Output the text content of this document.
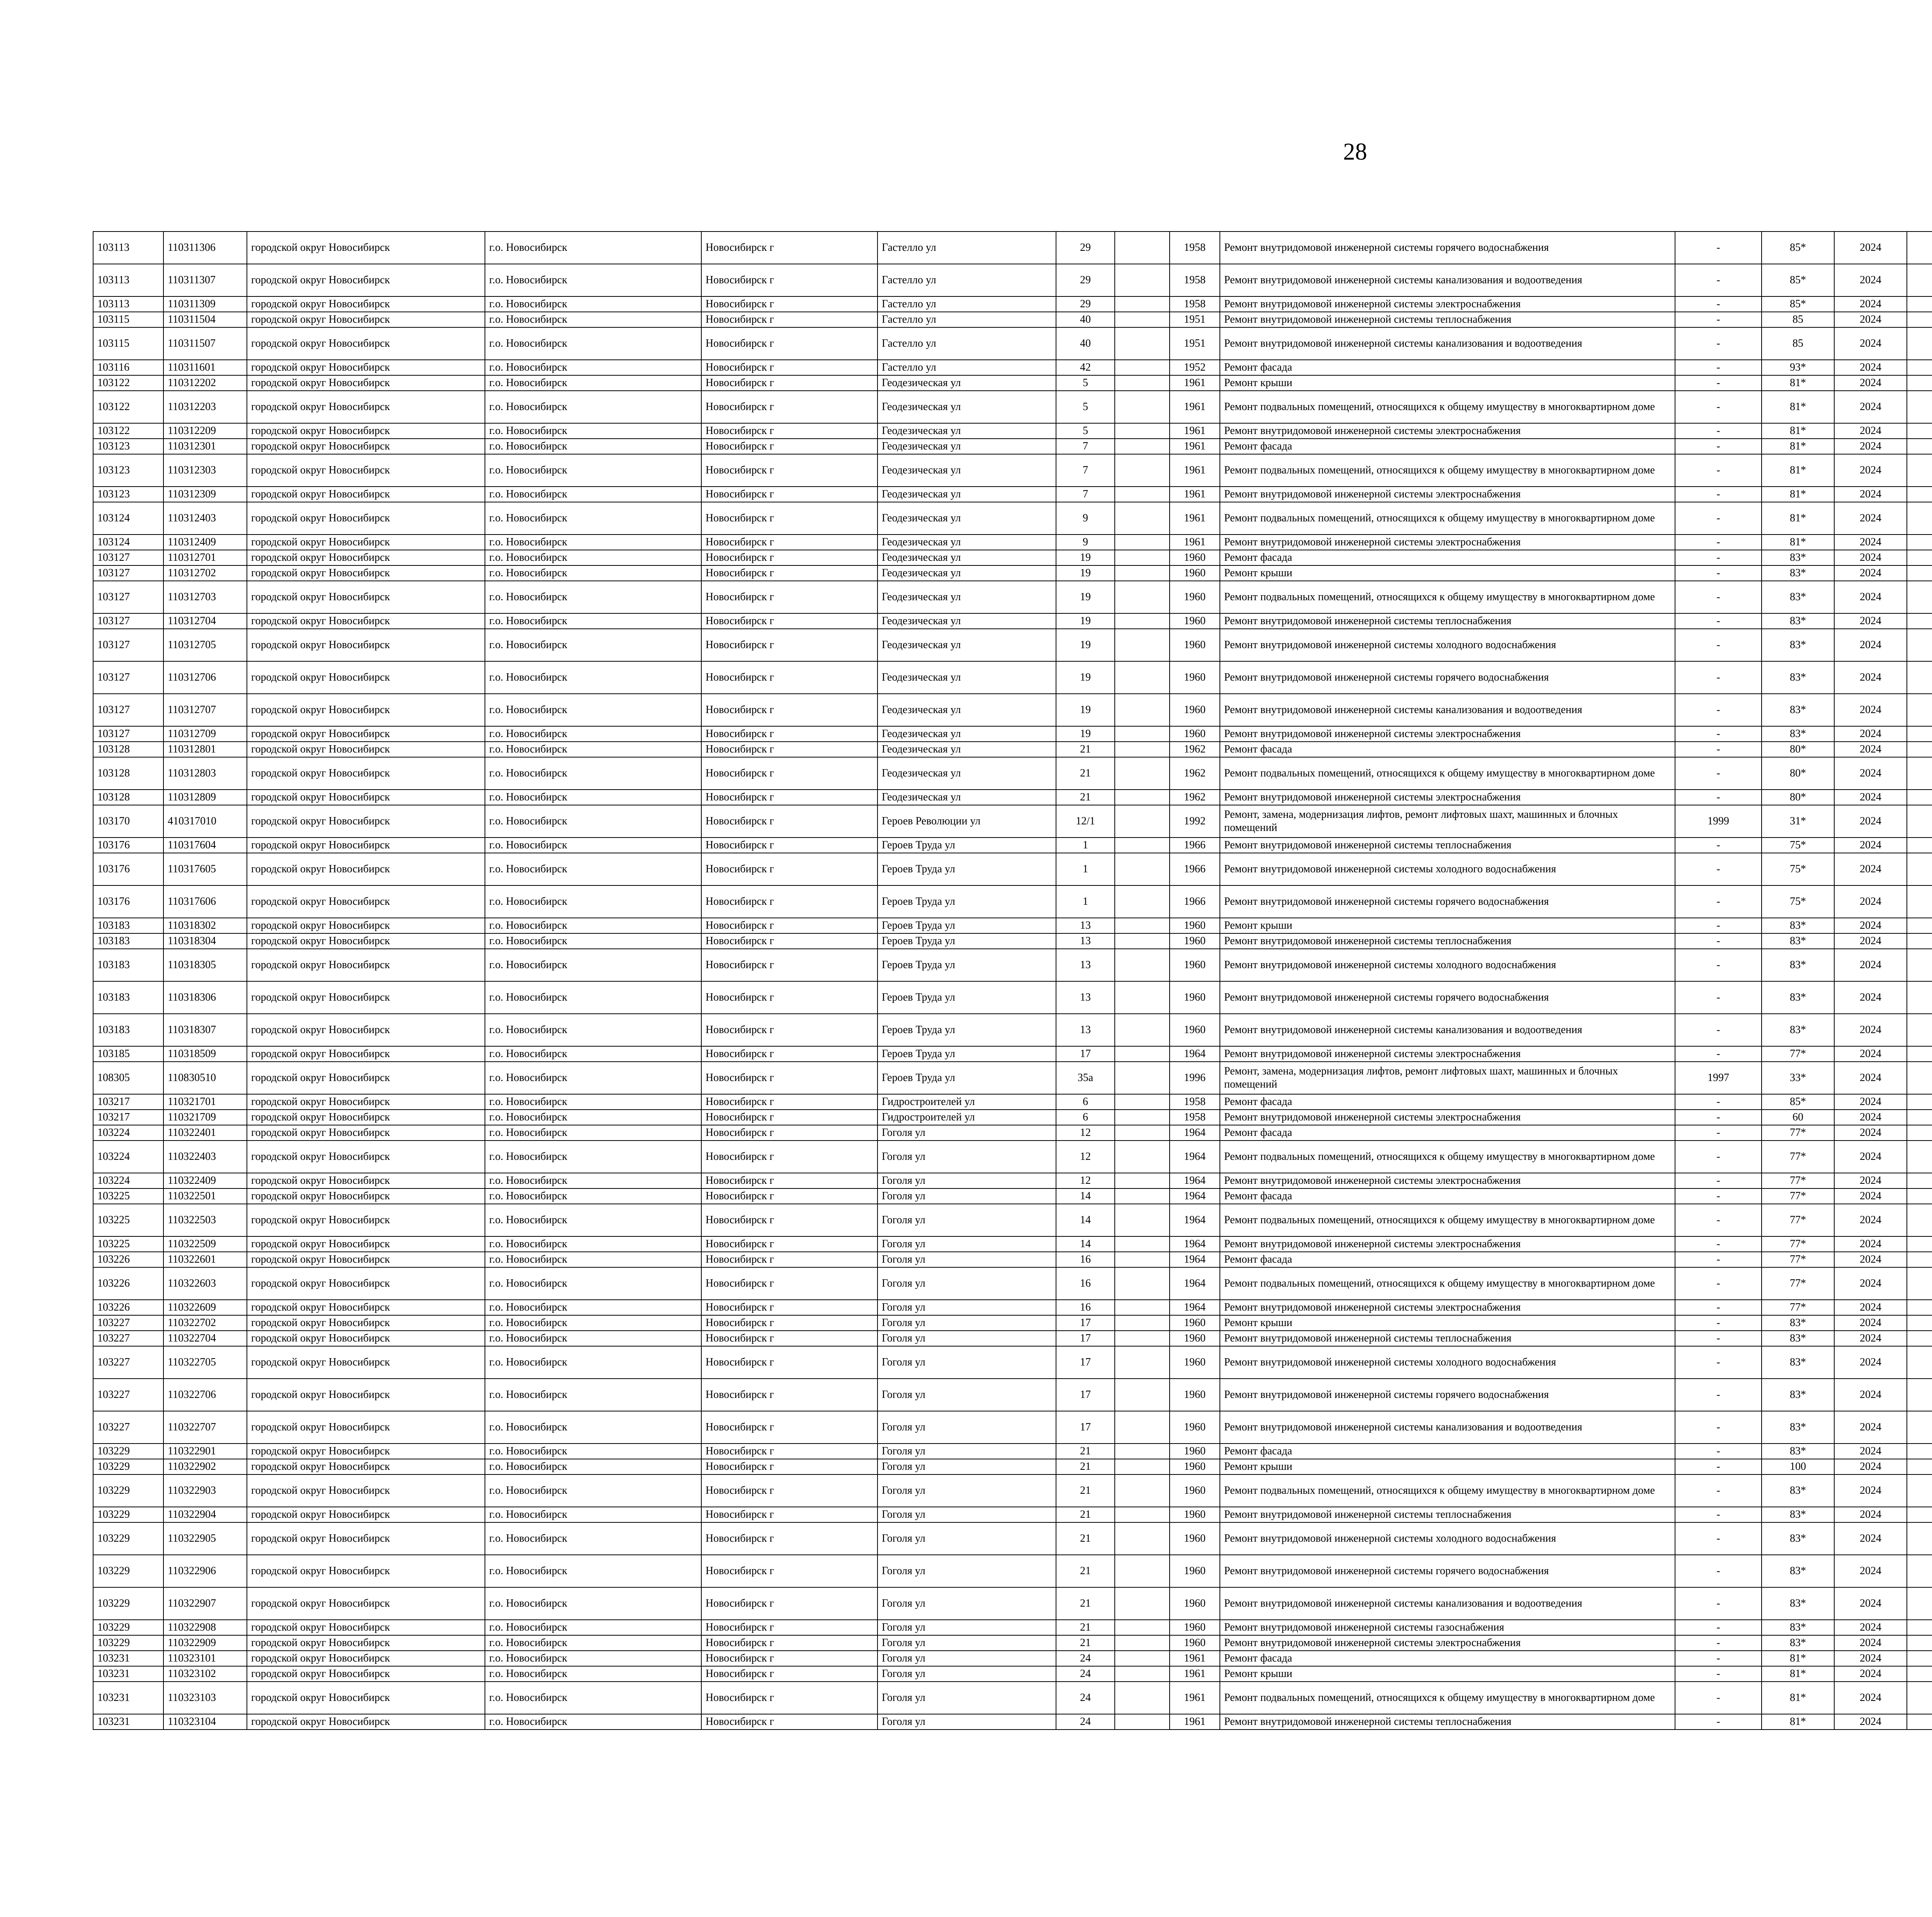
28
103113	110311306	городской округ Новосибирск	г.о. Новосибирск	Новосибирск г	Гастелло ул	29		1958	Ремонт внутридомовой инженерной системы горячего водоснабжения	-	85*	2024						
103113	110311307	городской округ Новосибирск	г.о. Новосибирск	Новосибирск г	Гастелло ул	29		1958	Ремонт внутридомовой инженерной системы канализования и водоотведения	-	85*	2024						
103113	110311309	городской округ Новосибирск	г.о. Новосибирск	Новосибирск г	Гастелло ул	29		1958	Ремонт внутридомовой инженерной системы электроснабжения	-	85*	2024						
103115	110311504	городской округ Новосибирск	г.о. Новосибирск	Новосибирск г	Гастелло ул	40		1951	Ремонт внутридомовой инженерной системы теплоснабжения	-	85	2024						
103115	110311507	городской округ Новосибирск	г.о. Новосибирск	Новосибирск г	Гастелло ул	40		1951	Ремонт внутридомовой инженерной системы канализования и водоотведения	-	85	2024						
103116	110311601	городской округ Новосибирск	г.о. Новосибирск	Новосибирск г	Гастелло ул	42		1952	Ремонт фасада	-	93*	2024						
103122	110312202	городской округ Новосибирск	г.о. Новосибирск	Новосибирск г	Геодезическая ул	5		1961	Ремонт крыши	-	81*	2024						
103122	110312203	городской округ Новосибирск	г.о. Новосибирск	Новосибирск г	Геодезическая ул	5		1961	Ремонт подвальных помещений, относящихся к общему имуществу в многоквартирном доме	-	81*	2024						
103122	110312209	городской округ Новосибирск	г.о. Новосибирск	Новосибирск г	Геодезическая ул	5		1961	Ремонт внутридомовой инженерной системы электроснабжения	-	81*	2024						
103123	110312301	городской округ Новосибирск	г.о. Новосибирск	Новосибирск г	Геодезическая ул	7		1961	Ремонт фасада	-	81*	2024						
103123	110312303	городской округ Новосибирск	г.о. Новосибирск	Новосибирск г	Геодезическая ул	7		1961	Ремонт подвальных помещений, относящихся к общему имуществу в многоквартирном доме	-	81*	2024						
103123	110312309	городской округ Новосибирск	г.о. Новосибирск	Новосибирск г	Геодезическая ул	7		1961	Ремонт внутридомовой инженерной системы электроснабжения	-	81*	2024						
103124	110312403	городской округ Новосибирск	г.о. Новосибирск	Новосибирск г	Геодезическая ул	9		1961	Ремонт подвальных помещений, относящихся к общему имуществу в многоквартирном доме	-	81*	2024						
103124	110312409	городской округ Новосибирск	г.о. Новосибирск	Новосибирск г	Геодезическая ул	9		1961	Ремонт внутридомовой инженерной системы электроснабжения	-	81*	2024						
103127	110312701	городской округ Новосибирск	г.о. Новосибирск	Новосибирск г	Геодезическая ул	19		1960	Ремонт фасада	-	83*	2024						
103127	110312702	городской округ Новосибирск	г.о. Новосибирск	Новосибирск г	Геодезическая ул	19		1960	Ремонт крыши	-	83*	2024						
103127	110312703	городской округ Новосибирск	г.о. Новосибирск	Новосибирск г	Геодезическая ул	19		1960	Ремонт подвальных помещений, относящихся к общему имуществу в многоквартирном доме	-	83*	2024						
103127	110312704	городской округ Новосибирск	г.о. Новосибирск	Новосибирск г	Геодезическая ул	19		1960	Ремонт внутридомовой инженерной системы теплоснабжения	-	83*	2024						
103127	110312705	городской округ Новосибирск	г.о. Новосибирск	Новосибирск г	Геодезическая ул	19		1960	Ремонт внутридомовой инженерной системы холодного водоснабжения	-	83*	2024						
103127	110312706	городской округ Новосибирск	г.о. Новосибирск	Новосибирск г	Геодезическая ул	19		1960	Ремонт внутридомовой инженерной системы горячего водоснабжения	-	83*	2024						
103127	110312707	городской округ Новосибирск	г.о. Новосибирск	Новосибирск г	Геодезическая ул	19		1960	Ремонт внутридомовой инженерной системы канализования и водоотведения	-	83*	2024						
103127	110312709	городской округ Новосибирск	г.о. Новосибирск	Новосибирск г	Геодезическая ул	19		1960	Ремонт внутридомовой инженерной системы электроснабжения	-	83*	2024						
103128	110312801	городской округ Новосибирск	г.о. Новосибирск	Новосибирск г	Геодезическая ул	21		1962	Ремонт фасада	-	80*	2024						
103128	110312803	городской округ Новосибирск	г.о. Новосибирск	Новосибирск г	Геодезическая ул	21		1962	Ремонт подвальных помещений, относящихся к общему имуществу в многоквартирном доме	-	80*	2024						
103128	110312809	городской округ Новосибирск	г.о. Новосибирск	Новосибирск г	Геодезическая ул	21		1962	Ремонт внутридомовой инженерной системы электроснабжения	-	80*	2024						
103170	410317010	городской округ Новосибирск	г.о. Новосибирск	Новосибирск г	Героев Революции ул	12/1		1992	Ремонт, замена, модернизация лифтов, ремонт лифтовых шахт, машинных и блочных помещений	1999	31*	2024						
103176	110317604	городской округ Новосибирск	г.о. Новосибирск	Новосибирск г	Героев Труда ул	1		1966	Ремонт внутридомовой инженерной системы теплоснабжения	-	75*	2024						
103176	110317605	городской округ Новосибирск	г.о. Новосибирск	Новосибирск г	Героев Труда ул	1		1966	Ремонт внутридомовой инженерной системы холодного водоснабжения	-	75*	2024						
103176	110317606	городской округ Новосибирск	г.о. Новосибирск	Новосибирск г	Героев Труда ул	1		1966	Ремонт внутридомовой инженерной системы горячего водоснабжения	-	75*	2024						
103183	110318302	городской округ Новосибирск	г.о. Новосибирск	Новосибирск г	Героев Труда ул	13		1960	Ремонт крыши	-	83*	2024						
103183	110318304	городской округ Новосибирск	г.о. Новосибирск	Новосибирск г	Героев Труда ул	13		1960	Ремонт внутридомовой инженерной системы теплоснабжения	-	83*	2024						
103183	110318305	городской округ Новосибирск	г.о. Новосибирск	Новосибирск г	Героев Труда ул	13		1960	Ремонт внутридомовой инженерной системы холодного водоснабжения	-	83*	2024						
103183	110318306	городской округ Новосибирск	г.о. Новосибирск	Новосибирск г	Героев Труда ул	13		1960	Ремонт внутридомовой инженерной системы горячего водоснабжения	-	83*	2024						
103183	110318307	городской округ Новосибирск	г.о. Новосибирск	Новосибирск г	Героев Труда ул	13		1960	Ремонт внутридомовой инженерной системы канализования и водоотведения	-	83*	2024						
103185	110318509	городской округ Новосибирск	г.о. Новосибирск	Новосибирск г	Героев Труда ул	17		1964	Ремонт внутридомовой инженерной системы электроснабжения	-	77*	2024						
108305	110830510	городской округ Новосибирск	г.о. Новосибирск	Новосибирск г	Героев Труда ул	35а		1996	Ремонт, замена, модернизация лифтов, ремонт лифтовых шахт, машинных и блочных помещений	1997	33*	2024						
103217	110321701	городской округ Новосибирск	г.о. Новосибирск	Новосибирск г	Гидростроителей ул	6		1958	Ремонт фасада	-	85*	2024						
103217	110321709	городской округ Новосибирск	г.о. Новосибирск	Новосибирск г	Гидростроителей ул	6		1958	Ремонт внутридомовой инженерной системы электроснабжения	-	60	2024						
103224	110322401	городской округ Новосибирск	г.о. Новосибирск	Новосибирск г	Гоголя ул	12		1964	Ремонт фасада	-	77*	2024						
103224	110322403	городской округ Новосибирск	г.о. Новосибирск	Новосибирск г	Гоголя ул	12		1964	Ремонт подвальных помещений, относящихся к общему имуществу в многоквартирном доме	-	77*	2024						
103224	110322409	городской округ Новосибирск	г.о. Новосибирск	Новосибирск г	Гоголя ул	12		1964	Ремонт внутридомовой инженерной системы электроснабжения	-	77*	2024						
103225	110322501	городской округ Новосибирск	г.о. Новосибирск	Новосибирск г	Гоголя ул	14		1964	Ремонт фасада	-	77*	2024						
103225	110322503	городской округ Новосибирск	г.о. Новосибирск	Новосибирск г	Гоголя ул	14		1964	Ремонт подвальных помещений, относящихся к общему имуществу в многоквартирном доме	-	77*	2024						
103225	110322509	городской округ Новосибирск	г.о. Новосибирск	Новосибирск г	Гоголя ул	14		1964	Ремонт внутридомовой инженерной системы электроснабжения	-	77*	2024						
103226	110322601	городской округ Новосибирск	г.о. Новосибирск	Новосибирск г	Гоголя ул	16		1964	Ремонт фасада	-	77*	2024						
103226	110322603	городской округ Новосибирск	г.о. Новосибирск	Новосибирск г	Гоголя ул	16		1964	Ремонт подвальных помещений, относящихся к общему имуществу в многоквартирном доме	-	77*	2024						
103226	110322609	городской округ Новосибирск	г.о. Новосибирск	Новосибирск г	Гоголя ул	16		1964	Ремонт внутридомовой инженерной системы электроснабжения	-	77*	2024						
103227	110322702	городской округ Новосибирск	г.о. Новосибирск	Новосибирск г	Гоголя ул	17		1960	Ремонт крыши	-	83*	2024						
103227	110322704	городской округ Новосибирск	г.о. Новосибирск	Новосибирск г	Гоголя ул	17		1960	Ремонт внутридомовой инженерной системы теплоснабжения	-	83*	2024						
103227	110322705	городской округ Новосибирск	г.о. Новосибирск	Новосибирск г	Гоголя ул	17		1960	Ремонт внутридомовой инженерной системы холодного водоснабжения	-	83*	2024						
103227	110322706	городской округ Новосибирск	г.о. Новосибирск	Новосибирск г	Гоголя ул	17		1960	Ремонт внутридомовой инженерной системы горячего водоснабжения	-	83*	2024						
103227	110322707	городской округ Новосибирск	г.о. Новосибирск	Новосибирск г	Гоголя ул	17		1960	Ремонт внутридомовой инженерной системы канализования и водоотведения	-	83*	2024						
103229	110322901	городской округ Новосибирск	г.о. Новосибирск	Новосибирск г	Гоголя ул	21		1960	Ремонт фасада	-	83*	2024						
103229	110322902	городской округ Новосибирск	г.о. Новосибирск	Новосибирск г	Гоголя ул	21		1960	Ремонт крыши	-	100	2024						
103229	110322903	городской округ Новосибирск	г.о. Новосибирск	Новосибирск г	Гоголя ул	21		1960	Ремонт подвальных помещений, относящихся к общему имуществу в многоквартирном доме	-	83*	2024						
103229	110322904	городской округ Новосибирск	г.о. Новосибирск	Новосибирск г	Гоголя ул	21		1960	Ремонт внутридомовой инженерной системы теплоснабжения	-	83*	2024						
103229	110322905	городской округ Новосибирск	г.о. Новосибирск	Новосибирск г	Гоголя ул	21		1960	Ремонт внутридомовой инженерной системы холодного водоснабжения	-	83*	2024						
103229	110322906	городской округ Новосибирск	г.о. Новосибирск	Новосибирск г	Гоголя ул	21		1960	Ремонт внутридомовой инженерной системы горячего водоснабжения	-	83*	2024						
103229	110322907	городской округ Новосибирск	г.о. Новосибирск	Новосибирск г	Гоголя ул	21		1960	Ремонт внутридомовой инженерной системы канализования и водоотведения	-	83*	2024						
103229	110322908	городской округ Новосибирск	г.о. Новосибирск	Новосибирск г	Гоголя ул	21		1960	Ремонт внутридомовой инженерной системы газоснабжения	-	83*	2024						
103229	110322909	городской округ Новосибирск	г.о. Новосибирск	Новосибирск г	Гоголя ул	21		1960	Ремонт внутридомовой инженерной системы электроснабжения	-	83*	2024						
103231	110323101	городской округ Новосибирск	г.о. Новосибирск	Новосибирск г	Гоголя ул	24		1961	Ремонт фасада	-	81*	2024						
103231	110323102	городской округ Новосибирск	г.о. Новосибирск	Новосибирск г	Гоголя ул	24		1961	Ремонт крыши	-	81*	2024						
103231	110323103	городской округ Новосибирск	г.о. Новосибирск	Новосибирск г	Гоголя ул	24		1961	Ремонт подвальных помещений, относящихся к общему имуществу в многоквартирном доме	-	81*	2024						
103231	110323104	городской округ Новосибирск	г.о. Новосибирск	Новосибирск г	Гоголя ул	24		1961	Ремонт внутридомовой инженерной системы теплоснабжения	-	81*	2024						
